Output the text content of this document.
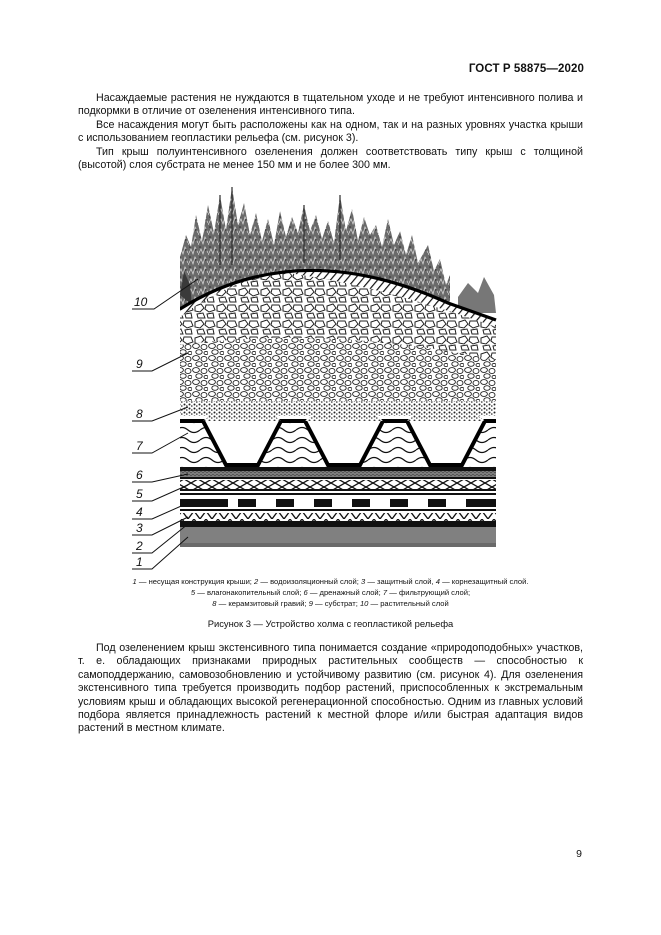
ГОСТ Р 58875—2020

Насаждаемые растения не нуждаются в тщательном уходе и не требуют интенсивного полива и подкормки в отличие от озеленения интенсивного типа.

Все насаждения могут быть расположены как на одном, так и на разных уровнях участка крыши с использованием геопластики рельефа (см. рисунок 3).

Тип крыш полуинтенсивного озеленения должен соответствовать типу крыш с толщиной (высотой) слоя субстрата не менее 150 мм и не более 300 мм.

10
9
8
7
6
5
4
3
2
1

1 — несущая конструкция крыши; 2 — водоизоляционный слой; 3 — защитный слой, 4 — корнезащитный слой.

5 — влагонакопительный слой; 6 — дренажный слой; 7 — фильтрующий слой;

8 — керамзитовый гравий; 9 — субстрат; 10 — растительный слой

Рисунок 3 — Устройство холма с геопластикой рельефа

Под озеленением крыш экстенсивного типа понимается создание «природоподобных» участков, т. е. обладающих признаками природных растительных сообществ — способностью к самоподдержанию, самовозобновлению и устойчивому развитию (см. рисунок 4). Для озеленения экстенсивного типа требуется производить подбор растений, приспособленных к экстремальным условиям крыш и обладающих высокой регенерационной способностью. Одним из главных условий подбора является принадлежность растений к местной флоре и/или быстрая адаптация видов растений в местном климате.

9
